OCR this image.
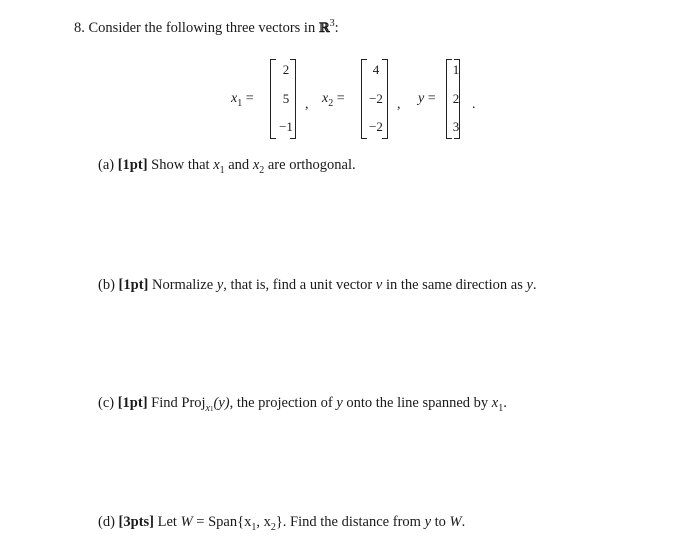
8. Consider the following three vectors in ℝ$^3$:
$x_1$ =
2
5
−1
, $x_2$ =
4
−2
−2
, y =
1
2
3
.
(a) [1pt] Show that $x_1$ and $x_2$ are orthogonal.
(b) [1pt] Normalize y, that is, find a unit vector v in the same direction as y.
(c) [1pt] Find Proj$_{x1}$(y), the projection of y onto the line spanned by $x_1$.
(d) [3pts] Let $W = Span\{x_1$, $x_2$}. Find the distance from y to W.
